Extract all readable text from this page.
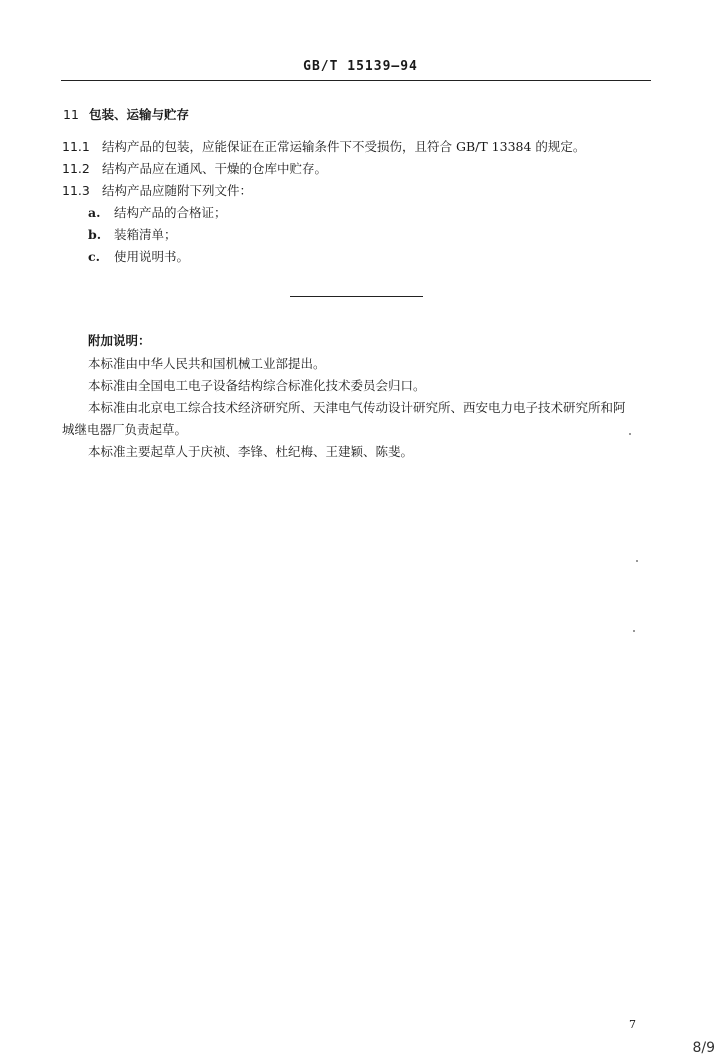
GB/T 15139—94
11 包装、运输与贮存
11.1 结构产品的包装，应能保证在正常运输条件下不受损伤，且符合 GB/T 13384 的规定。
11.2 结构产品应在通风、干燥的仓库中贮存。
11.3 结构产品应随附下列文件：
a. 结构产品的合格证；
b. 装箱清单；
c. 使用说明书。
附加说明：
本标准由中华人民共和国机械工业部提出。
本标准由全国电工电子设备结构综合标准化技术委员会归口。
本标准由北京电工综合技术经济研究所、天津电气传动设计研究所、西安电力电子技术研究所和阿
城继电器厂负责起草。
本标准主要起草人于庆祯、李锋、杜纪梅、王建颖、陈斐。
7
8/9
